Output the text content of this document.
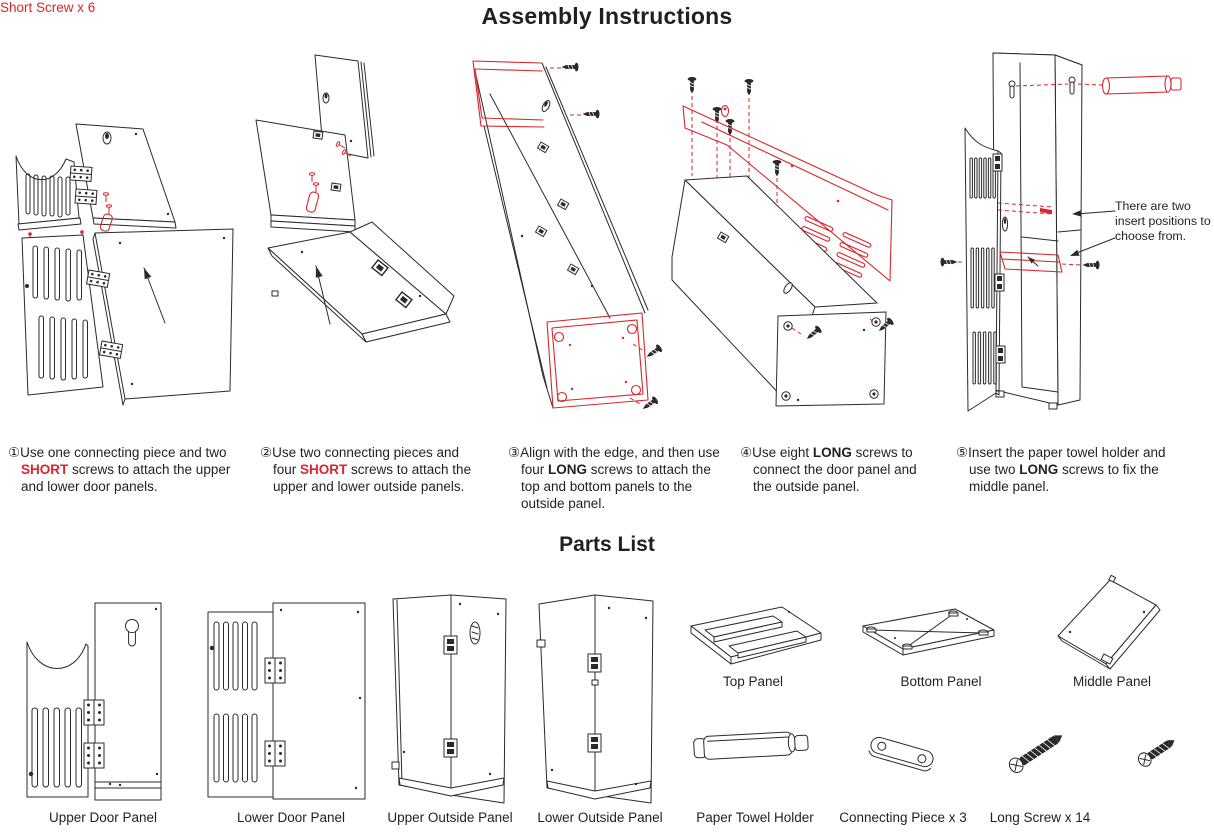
Assembly Instructions
There are two insert positions to choose from.

①Use one connecting piece and two SHORT screws to attach the upper and lower door panels.

②Use two connecting pieces and four SHORT screws to attach the upper and lower outside panels.

③Align with the edge, and then use four LONG screws to attach the top and bottom panels to the outside panel.

④Use eight LONG screws to connect the door panel and the outside panel.

⑤Insert the paper towel holder and use two LONG screws to fix the middle panel.

Parts List
Top Panel	Bottom Panel	Middle Panel
Upper Door Panel	Lower Door Panel	Upper Outside Panel	Lower Outside Panel	Paper Towel Holder	Connecting Piece x 3	Long Screw x 14
Short Screw x 6
